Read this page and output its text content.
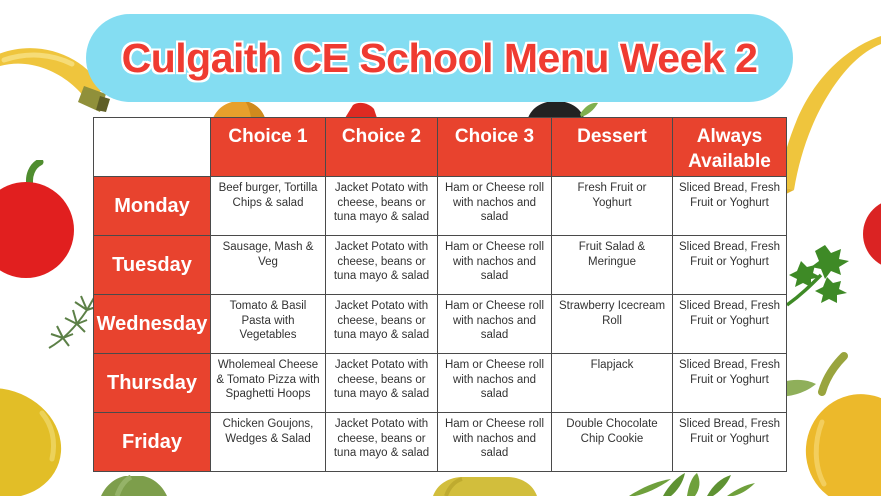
Culgaith CE School Menu Week 2
	Choice 1	Choice 2	Choice 3	Dessert	Always Available
Monday	Beef burger, Tortilla Chips & salad	Jacket Potato with cheese, beans or tuna mayo & salad	Ham or Cheese roll with nachos and salad	Fresh Fruit or Yoghurt	Sliced Bread, Fresh Fruit or Yoghurt
Tuesday	Sausage, Mash & Veg	Jacket Potato with cheese, beans or tuna mayo & salad	Ham or Cheese roll with nachos and salad	Fruit Salad & Meringue	Sliced Bread, Fresh Fruit or Yoghurt
Wednesday	Tomato & Basil Pasta with Vegetables	Jacket Potato with cheese, beans or tuna mayo & salad	Ham or Cheese roll with nachos and salad	Strawberry Icecream Roll	Sliced Bread, Fresh Fruit or Yoghurt
Thursday	Wholemeal Cheese & Tomato Pizza with Spaghetti Hoops	Jacket Potato with cheese, beans or tuna mayo & salad	Ham or Cheese roll with nachos and salad	Flapjack	Sliced Bread, Fresh Fruit or Yoghurt
Friday	Chicken Goujons, Wedges & Salad	Jacket Potato with cheese, beans or tuna mayo & salad	Ham or Cheese roll with nachos and salad	Double Chocolate Chip Cookie	Sliced Bread, Fresh Fruit or Yoghurt
